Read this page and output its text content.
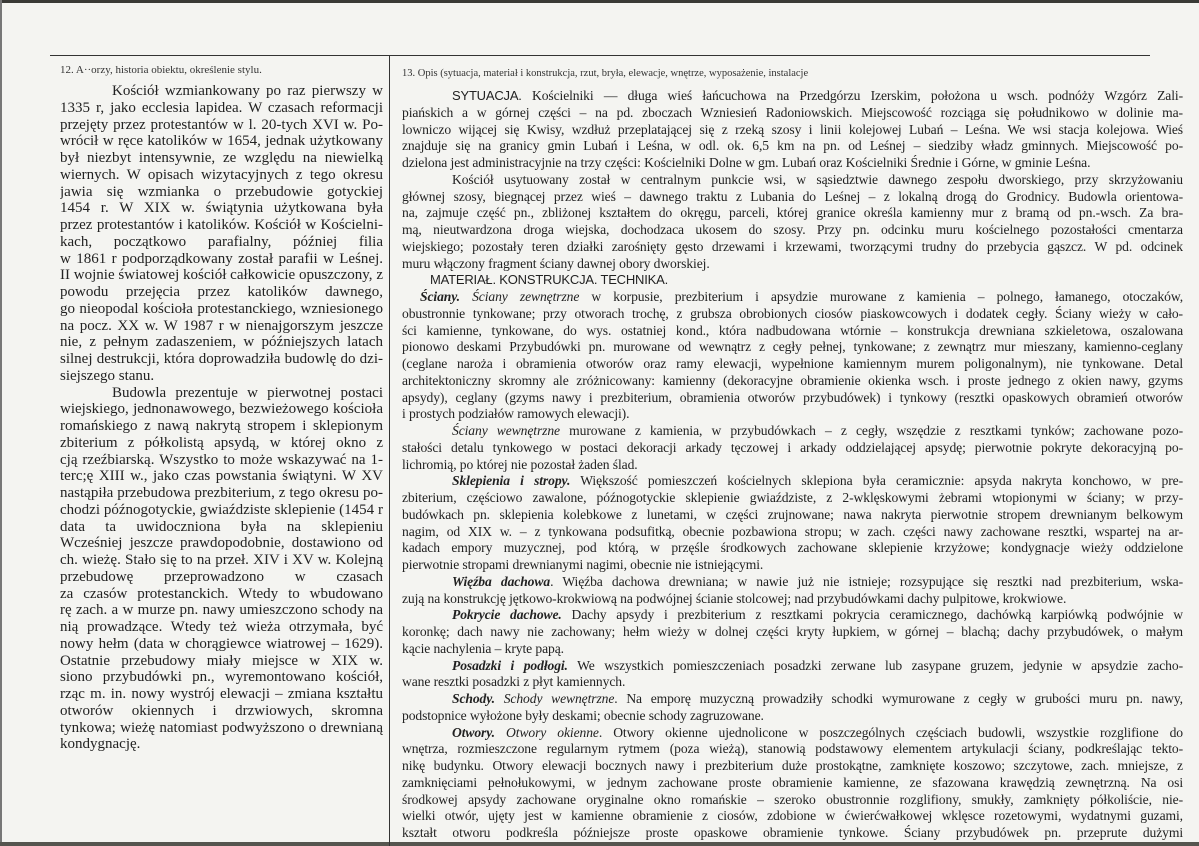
12. A··orzy, historia obiektu, określenie stylu.
Kościół wzmiankowany po raz pierwszy w
1335 r, jako ecclesia lapidea. W czasach reformacji
przejęty przez protestantów w l. 20-tych XVI w. Po-
wrócił w ręce katolików w 1654, jednak użytkowany
był niezbyt intensywnie, ze względu na niewielką
wiernych. W opisach wizytacyjnych z tego okresu
jawia się wzmianka o przebudowie gotyckiej
1454 r. W XIX w. świątynia użytkowana była
przez protestantów i katolików. Kościół w Kościelni-
kach, początkowo parafialny, później filia
w 1861 r podporządkowany został parafii w Leśnej.
II wojnie światowej kościół całkowicie opuszczony, z
powodu przejęcia przez katolików dawnego,
go nieopodal kościoła protestanckiego, wzniesionego
na pocz. XX w. W 1987 r w nienajgorszym jeszcze
nie, z pełnym zadaszeniem, w późniejszych latach
silnej destrukcji, która doprowadziła budowlę do dzi-
siejszego stanu.
Budowla prezentuje w pierwotnej postaci
wiejskiego, jednonawowego, bezwieżowego kościoła
romańskiego z nawą nakrytą stropem i sklepionym
zbiterium z półkolistą apsydą, w której okno z
cją rzeźbiarską. Wszystko to może wskazywać na 1-
terc;ę XIII w., jako czas powstania świątyni. W XV
nastąpiła przebudowa prezbiterium, z tego okresu po-
chodzi późnogotyckie, gwiaździste sklepienie (1454 r
data ta uwidoczniona była na sklepieniu
Wcześniej jeszcze prawdopodobnie, dostawiono od
ch. wieżę. Stało się to na przeł. XIV i XV w. Kolejną
przebudowę przeprowadzono w czasach
za czasów protestanckich. Wtedy to wbudowano
rę zach. a w murze pn. nawy umieszczono schody na
nią prowadzące. Wtedy też wieża otrzymała, być
nowy hełm (data w chorągiewce wiatrowej – 1629).
Ostatnie przebudowy miały miejsce w XIX w.
siono przybudówki pn., wyremontowano kościół,
rząc m. in. nowy wystrój elewacji – zmiana kształtu
otworów okiennych i drzwiowych, skromna
tynkowa; wieżę natomiast podwyższono o drewnianą
kondygnację.
13. Opis (sytuacja, materiał i konstrukcja, rzut, bryła, elewacje, wnętrze, wyposażenie, instalacje
SYTUACJA. Kościelniki — długa wieś łańcuchowa na Przedgórzu Izerskim, położona u wsch. podnóży Wzgórz Zali-
piańskich a w górnej części – na pd. zboczach Wzniesień Radoniowskich. Miejscowość rozciąga się południkowo w dolinie ma-
lowniczo wijącej się Kwisy, wzdłuż przeplatającej się z rzeką szosy i linii kolejowej Lubań – Leśna. We wsi stacja kolejowa. Wieś
znajduje się na granicy gmin Lubań i Leśna, w odl. ok. 6,5 km na pn. od Leśnej – siedziby władz gminnych. Miejscowość po-
dzielona jest administracyjnie na trzy części: Kościelniki Dolne w gm. Lubań oraz Kościelniki Średnie i Górne, w gminie Leśna.
Kościół usytuowany został w centralnym punkcie wsi, w sąsiedztwie dawnego zespołu dworskiego, przy skrzyżowaniu
głównej szosy, biegnącej przez wieś – dawnego traktu z Lubania do Leśnej – z lokalną drogą do Grodnicy. Budowla orientowa-
na, zajmuje część pn., zbliżonej kształtem do okręgu, parceli, której granice określa kamienny mur z bramą od pn.-wsch. Za bra-
mą, nieutwardzona droga wiejska, dochodzaca ukosem do szosy. Przy pn. odcinku muru kościelnego pozostałości cmentarza
wiejskiego; pozostały teren działki zarośnięty gęsto drzewami i krzewami, tworzącymi trudny do przebycia gąszcz. W pd. odcinek
muru włączony fragment ściany dawnej obory dworskiej.
MATERIAŁ. KONSTRUKCJA. TECHNIKA.
Ściany. Ściany zewnętrzne w korpusie, prezbiterium i apsydzie murowane z kamienia – polnego, łamanego, otoczaków,
obustronnie tynkowane; przy otworach trochę, z grubsza obrobionych ciosów piaskowcowych i dodatek cegły. Ściany wieży w cało-
ści kamienne, tynkowane, do wys. ostatniej kond., która nadbudowana wtórnie – konstrukcja drewniana szkieletowa, oszalowana
pionowo deskami Przybudówki pn. murowane od wewnątrz z cegły pełnej, tynkowane; z zewnątrz mur mieszany, kamienno-ceglany
(ceglane naroża i obramienia otworów oraz ramy elewacji, wypełnione kamiennym murem poligonalnym), nie tynkowane. Detal
architektoniczny skromny ale zróżnicowany: kamienny (dekoracyjne obramienie okienka wsch. i proste jednego z okien nawy, gzyms
apsydy), ceglany (gzyms nawy i prezbiterium, obramienia otworów przybudówek) i tynkowy (resztki opaskowych obramień otworów
i prostych podziałów ramowych elewacji).
Ściany wewnętrzne murowane z kamienia, w przybudówkach – z cegły, wszędzie z resztkami tynków; zachowane pozo-
stałości detalu tynkowego w postaci dekoracji arkady tęczowej i arkady oddzielającej apsydę; pierwotnie pokryte dekoracyjną po-
lichromią, po której nie pozostał żaden ślad.
Sklepienia i stropy. Większość pomieszczeń kościelnych sklepiona była ceramicznie: apsyda nakryta konchowo, w pre-
zbiterium, częściowo zawalone, późnogotyckie sklepienie gwiaździste, z 2-wklęskowymi żebrami wtopionymi w ściany; w przy-
budówkach pn. sklepienia kolebkowe z lunetami, w części zrujnowane; nawa nakryta pierwotnie stropem drewnianym belkowym
nagim, od XIX w. – z tynkowana podsufitką, obecnie pozbawiona stropu; w zach. części nawy zachowane resztki, wspartej na ar-
kadach empory muzycznej, pod którą, w przęśle środkowych zachowane sklepienie krzyżowe; kondygnacje wieży oddzielone
pierwotnie stropami drewnianymi nagimi, obecnie nie istniejącymi.
Więźba dachowa. Więźba dachowa drewniana; w nawie już nie istnieje; rozsypujące się resztki nad prezbiterium, wska-
zują na konstrukcję jętkowo-krokwiową na podwójnej ścianie stolcowej; nad przybudówkami dachy pulpitowe, krokwiowe.
Pokrycie dachowe. Dachy apsydy i prezbiterium z resztkami pokrycia ceramicznego, dachówką karpiówką podwójnie w
koronkę; dach nawy nie zachowany; hełm wieży w dolnej części kryty łupkiem, w górnej – blachą; dachy przybudówek, o małym
kącie nachylenia – kryte papą.
Posadzki i podłogi. We wszystkich pomieszczeniach posadzki zerwane lub zasypane gruzem, jedynie w apsydzie zacho-
wane resztki posadzki z płyt kamiennych.
Schody. Schody wewnętrzne. Na emporę muzyczną prowadziły schodki wymurowane z cegły w grubości muru pn. nawy,
podstopnice wyłożone były deskami; obecnie schody zagruzowane.
Otwory. Otwory okienne. Otwory okienne ujednolicone w poszczególnych częściach budowli, wszystkie rozglifione do
wnętrza, rozmieszczone regularnym rytmem (poza wieżą), stanowią podstawowy elementem artykulacji ściany, podkreślając tekto-
nikę budynku. Otwory elewacji bocznych nawy i prezbiterium duże prostokątne, zamknięte koszowo; szczytowe, zach. mniejsze, z
zamknięciami pełnołukowymi, w jednym zachowane proste obramienie kamienne, ze sfazowana krawędzią zewnętrzną. Na osi
środkowej apsydy zachowane oryginalne okno romańskie – szeroko obustronnie rozglifiony, smukły, zamknięty półkoliście, nie-
wielki otwór, ujęty jest w kamienne obramienie z ciosów, zdobione w ćwierćwałkowej wklęsce rozetowymi, wydatnymi guzami,
kształt otworu podkreśla późniejsze proste opaskowe obramienie tynkowe. Ściany przybudówek pn. przeprute dużymi
